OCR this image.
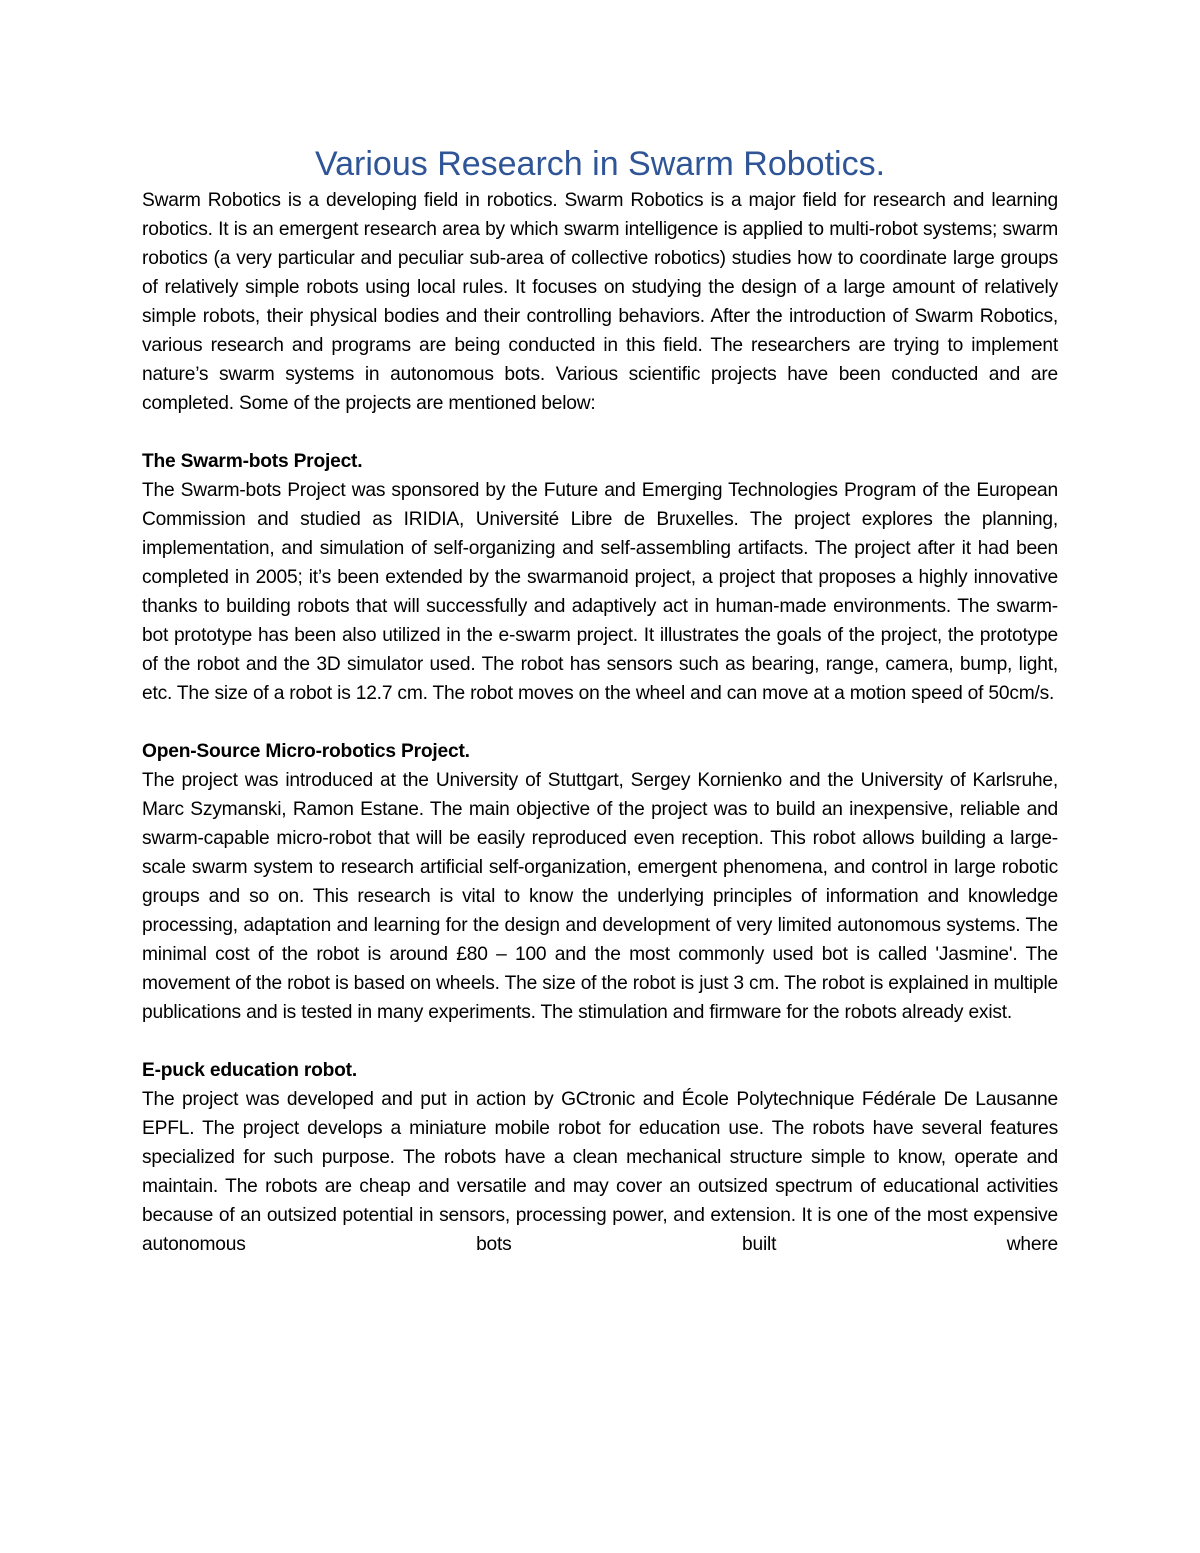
Various Research in Swarm Robotics.

Swarm Robotics is a developing field in robotics. Swarm Robotics is a major field for research and learning robotics. It is an emergent research area by which swarm intelligence is applied to multi-robot systems; swarm robotics (a very particular and peculiar sub-area of collective robotics) studies how to coordinate large groups of relatively simple robots using local rules. It focuses on studying the design of a large amount of relatively simple robots, their physical bodies and their controlling behaviors. After the introduction of Swarm Robotics, various research and programs are being conducted in this field. The researchers are trying to implement nature’s swarm systems in autonomous bots. Various scientific projects have been conducted and are completed. Some of the projects are mentioned below:

The Swarm-bots Project.

The Swarm-bots Project was sponsored by the Future and Emerging Technologies Program of the European Commission and studied as IRIDIA, Université Libre de Bruxelles. The project explores the planning, implementation, and simulation of self-organizing and self-assembling artifacts. The project after it had been completed in 2005; it’s been extended by the swarmanoid project, a project that proposes a highly innovative thanks to building robots that will successfully and adaptively act in human-made environments. The swarm-bot prototype has been also utilized in the e-swarm project. It illustrates the goals of the project, the prototype of the robot and the 3D simulator used. The robot has sensors such as bearing, range, camera, bump, light, etc. The size of a robot is 12.7 cm. The robot moves on the wheel and can move at a motion speed of 50cm/s.

Open-Source Micro-robotics Project.

The project was introduced at the University of Stuttgart, Sergey Kornienko and the University of Karlsruhe, Marc Szymanski, Ramon Estane. The main objective of the project was to build an inexpensive, reliable and swarm-capable micro-robot that will be easily reproduced even reception. This robot allows building a large-scale swarm system to research artificial self-organization, emergent phenomena, and control in large robotic groups and so on. This research is vital to know the underlying principles of information and knowledge processing, adaptation and learning for the design and development of very limited autonomous systems. The minimal cost of the robot is around £80 – 100 and the most commonly used bot is called 'Jasmine'. The movement of the robot is based on wheels. The size of the robot is just 3 cm. The robot is explained in multiple publications and is tested in many experiments. The stimulation and firmware for the robots already exist.

E-puck education robot.

The project was developed and put in action by GCtronic and École Polytechnique Fédérale De Lausanne EPFL. The project develops a miniature mobile robot for education use. The robots have several features specialized for such purpose. The robots have a clean mechanical structure simple to know, operate and maintain. The robots are cheap and versatile and may cover an outsized spectrum of educational activities because of an outsized potential in sensors, processing power, and extension. It is one of the most expensive autonomous bots built where
